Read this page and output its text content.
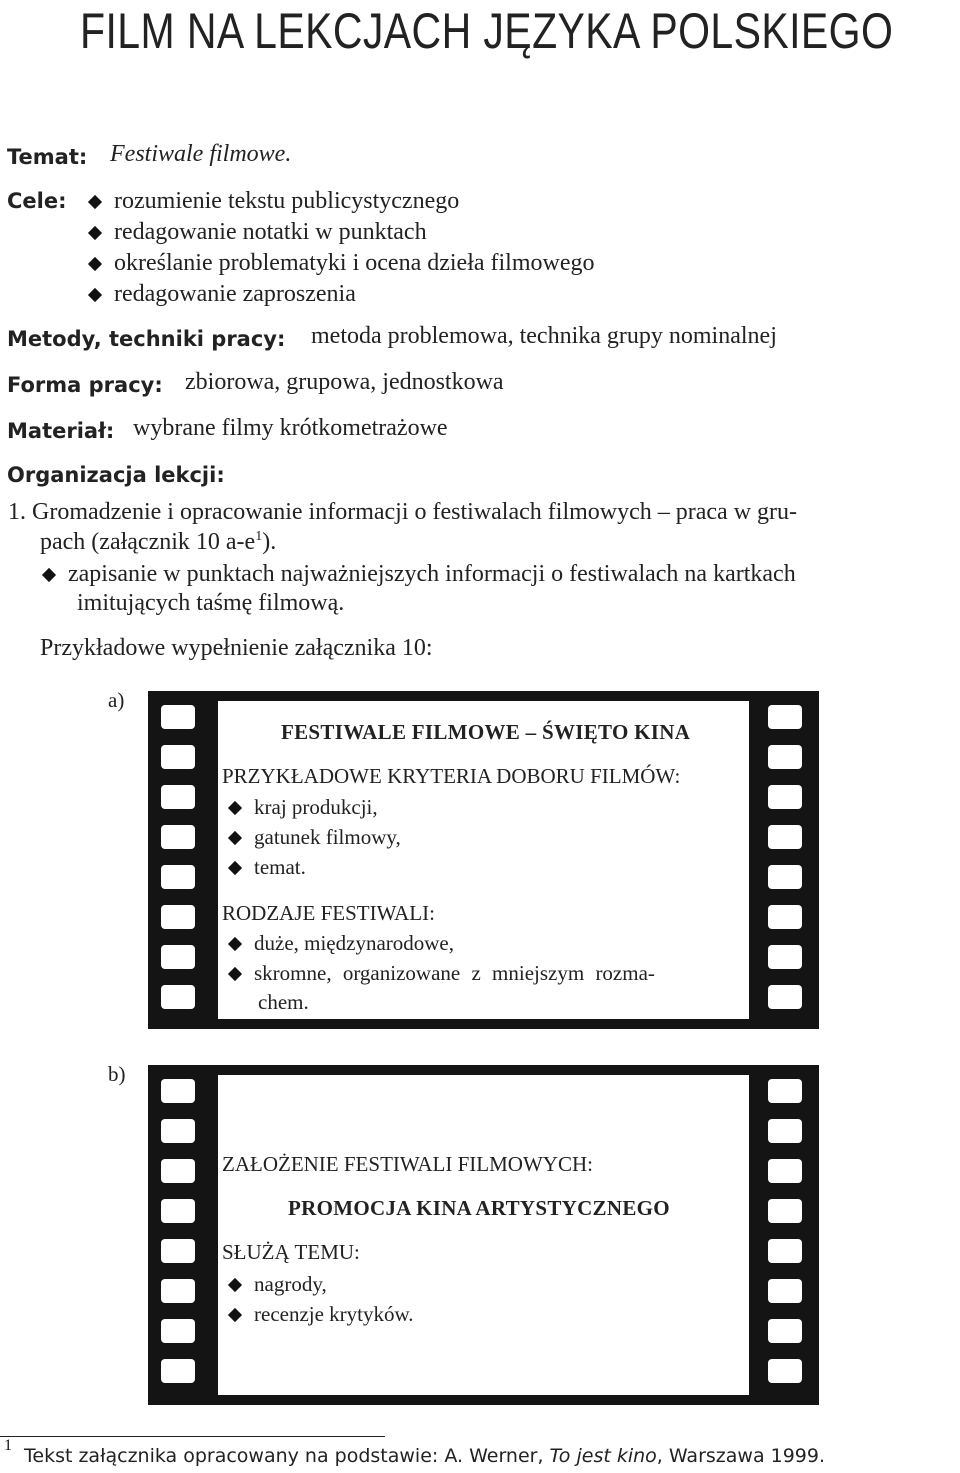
FILM NA LEKCJACH JĘZYKA POLSKIEGO
Temat: Festiwale filmowe.
Cele: rozumienie tekstu publicystycznego
redagowanie notatki w punktach
określanie problematyki i ocena dzieła filmowego
redagowanie zaproszenia
Metody, techniki pracy: metoda problemowa, technika grupy nominalnej
Forma pracy: zbiorowa, grupowa, jednostkowa
Materiał: wybrane filmy krótkometrażowe
Organizacja lekcji:
1. Gromadzenie i opracowanie informacji o festiwalach filmowych – praca w gru-
pach (załącznik 10 $a-e^1$).
zapisanie w punktach najważniejszych informacji o festiwalach na kartkach
imitujących taśmę filmową.
Przykładowe wypełnienie załącznika 10:
a)
FESTIWALE FILMOWE – ŚWIĘTO KINA
PRZYKŁADOWE KRYTERIA DOBORU FILMÓW:
kraj produkcji,
gatunek filmowy,
temat.
RODZAJE FESTIWALI:
duże, międzynarodowe,
skromne, organizowane z mniejszym rozma-
chem.
b)
ZAŁOŻENIE FESTIWALI FILMOWYCH:
PROMOCJA KINA ARTYSTYCZNEGO
SŁUŻĄ TEMU:
nagrody,
recenzje krytyków.
1 Tekst załącznika opracowany na podstawie: A. Werner, To jest kino, Warszawa 1999.
